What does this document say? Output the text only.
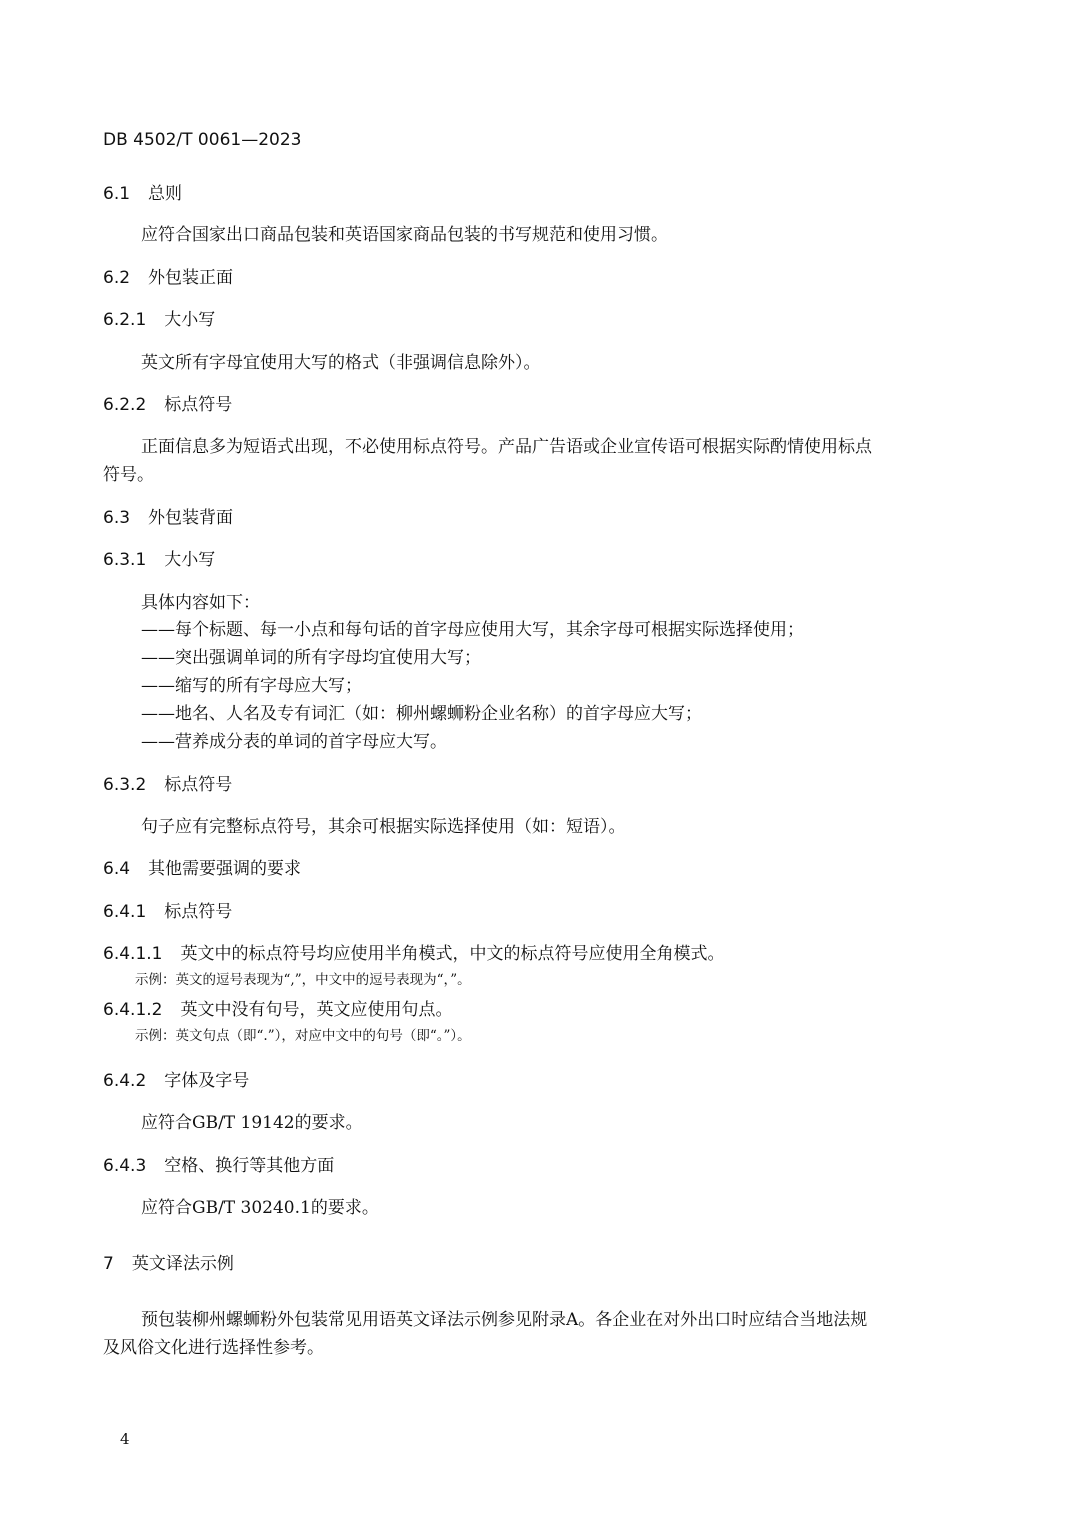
DB 4502/T 0061—2023
6.1 总则
应符合国家出口商品包装和英语国家商品包装的书写规范和使用习惯。
6.2 外包装正面
6.2.1 大小写
英文所有字母宜使用大写的格式（非强调信息除外）。
6.2.2 标点符号
正面信息多为短语式出现，不必使用标点符号。产品广告语或企业宣传语可根据实际酌情使用标点
符号。
6.3 外包装背面
6.3.1 大小写
具体内容如下：
——每个标题、每一小点和每句话的首字母应使用大写，其余字母可根据实际选择使用；
——突出强调单词的所有字母均宜使用大写；
——缩写的所有字母应大写；
——地名、人名及专有词汇（如：柳州螺蛳粉企业名称）的首字母应大写；
——营养成分表的单词的首字母应大写。
6.3.2 标点符号
句子应有完整标点符号，其余可根据实际选择使用（如：短语）。
6.4 其他需要强调的要求
6.4.1 标点符号
6.4.1.1 英文中的标点符号均应使用半角模式，中文的标点符号应使用全角模式。
示例：英文的逗号表现为“,”，中文中的逗号表现为“，”。
6.4.1.2 英文中没有句号，英文应使用句点。
示例：英文句点（即“.”），对应中文中的句号（即“。”）。
6.4.2 字体及字号
应符合GB/T 19142的要求。
6.4.3 空格、换行等其他方面
应符合GB/T 30240.1的要求。
7 英文译法示例
预包装柳州螺蛳粉外包装常见用语英文译法示例参见附录A。各企业在对外出口时应结合当地法规
及风俗文化进行选择性参考。
4
